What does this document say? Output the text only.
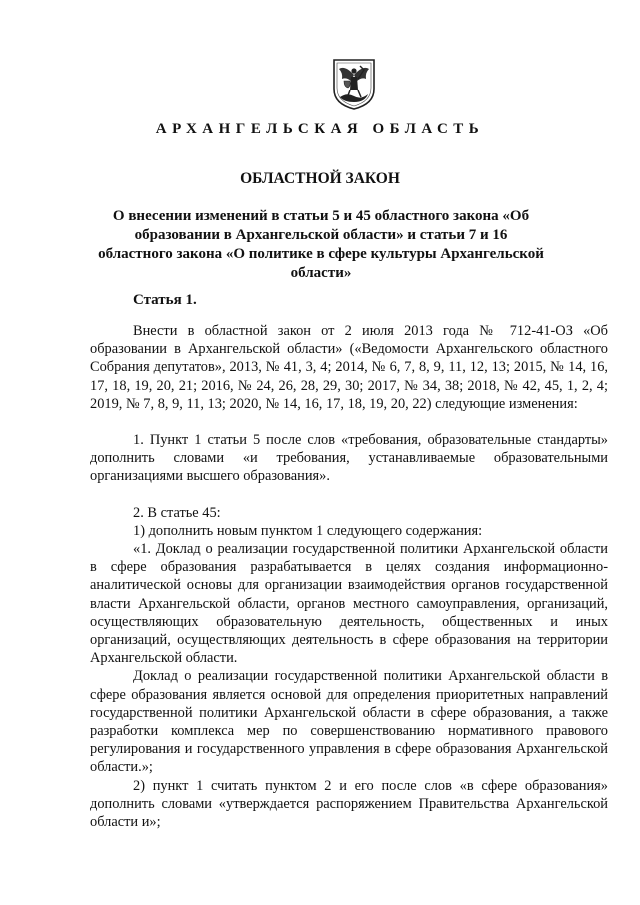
АРХАНГЕЛЬСКАЯ ОБЛАСТЬ
ОБЛАСТНОЙ ЗАКОН
О внесении изменений в статьи 5 и 45 областного закона «Об образовании в Архангельской области» и статьи 7 и 16 областного закона «О политике в сфере культуры Архангельской области»
Статья 1.

Внести в областной закон от 2 июля 2013 года № 712-41-ОЗ «Об образовании в Архангельской области» («Ведомости Архангельского областного Собрания депутатов», 2013, № 41, 3, 4; 2014, № 6, 7, 8, 9, 11, 12, 13; 2015, № 14, 16, 17, 18, 19, 20, 21; 2016, № 24, 26, 28, 29, 30; 2017, № 34, 38; 2018, № 42, 45, 1, 2, 4; 2019, № 7, 8, 9, 11, 13; 2020, № 14, 16, 17, 18, 19, 20, 22) следующие изменения:

1. Пункт 1 статьи 5 после слов «требования, образовательные стандарты» дополнить словами «и требования, устанавливаемые образовательными организациями высшего образования».

2. В статье 45:

1) дополнить новым пунктом 1 следующего содержания:

«1. Доклад о реализации государственной политики Архангельской области в сфере образования разрабатывается в целях создания информационно-аналитической основы для организации взаимодействия органов государственной власти Архангельской области, органов местного самоуправления, организаций, осуществляющих образовательную деятельность, общественных и иных организаций, осуществляющих деятельность в сфере образования на территории Архангельской области.

Доклад о реализации государственной политики Архангельской области в сфере образования является основой для определения приоритетных направлений государственной политики Архангельской области в сфере образования, а также разработки комплекса мер по совершенствованию нормативного правового регулирования и государственного управления в сфере образования Архангельской области.»;

2) пункт 1 считать пунктом 2 и его после слов «в сфере образования» дополнить словами «утверждается распоряжением Правительства Архангельской области и»;
